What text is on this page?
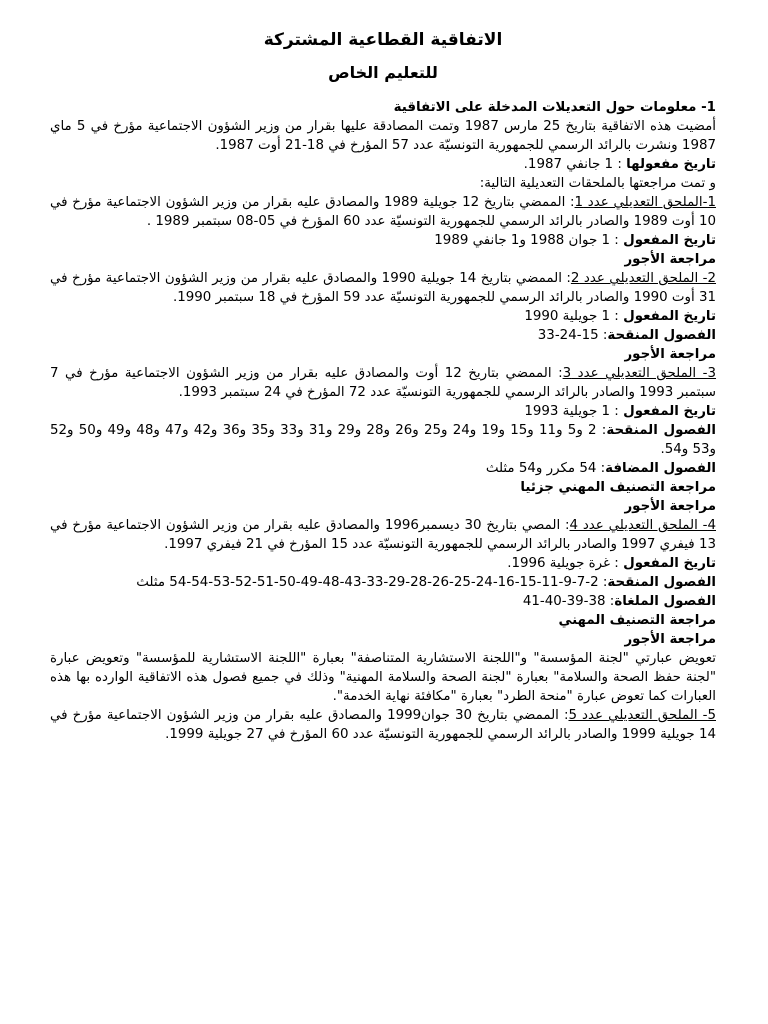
الاتفاقية القطاعية المشتركة
للتعليم الخاص

1- معلومات حول التعديلات المدخلة على الاتفاقية

أمضيت هذه الاتفاقية بتاريخ 25 مارس 1987 وتمت المصادقة عليها بقرار من وزير الشؤون الاجتماعية مؤرخ في 5 ماي 1987 ونشرت بالرائد الرسمي للجمهورية التونسيّة عدد 57 المؤرخ في 18-21 أوت 1987.

تاريخ مفعولها : 1 جانفي 1987.

و تمت مراجعتها بالملحقات التعديلية التالية:

1-الملحق التعديلي عدد 1: الممضي بتاريخ 12 جويلية 1989 والمصادق عليه بقرار من وزير الشؤون الاجتماعية مؤرخ في 10 أوت 1989 والصادر بالرائد الرسمي للجمهورية التونسيّة عدد 60 المؤرخ في 05-08 سبتمبر 1989 .

تاريخ المفعول : 1 جوان 1988 و1 جانفي 1989

مراجعة الأجور

2- الملحق التعديلي عدد 2: الممضي بتاريخ 14 جويلية 1990 والمصادق عليه بقرار من وزير الشؤون الاجتماعية مؤرخ في 31 أوت 1990 والصادر بالرائد الرسمي للجمهورية التونسيّة عدد 59 المؤرخ في 18 سبتمبر 1990.

تاريخ المفعول : 1 جويلية 1990

الفصول المنقحة: 15-24-33

مراجعة الأجور

3- الملحق التعديلي عدد 3: الممضي بتاريخ 12 أوت والمصادق عليه بقرار من وزير الشؤون الاجتماعية مؤرخ في 7 سبتمبر 1993 والصادر بالرائد الرسمي للجمهورية التونسيّة عدد 72 المؤرخ في 24 سبتمبر 1993.

تاريخ المفعول : 1 جويلية 1993

الفصول المنقحة: 2 و5 و11 و15 و19 و24 و25 و26 و28 و29 و31 و33 و35 و36 و42 و47 و48 و49 و50 و52 و53 و54.

الفصول المضافة: 54 مكرر و54 مثلث

مراجعة التصنيف المهني جزئيا

مراجعة الأجور

4- الملحق التعديلي عدد 4: المصي بتاريخ 30 ديسمبر1996 والمصادق عليه بقرار من وزير الشؤون الاجتماعية مؤرخ في 13 فيفري 1997 والصادر بالرائد الرسمي للجمهورية التونسيّة عدد 15 المؤرخ في 21 فيفري 1997.

تاريخ المفعول : غرة جويلية 1996.

الفصول المنقحة: 2-7-9-11-15-16-24-25-26-28-29-33-43-48-49-50-51-52-53-54-54 مثلث

الفصول الملغاة: 38-39-40-41

مراجعة التصنيف المهني

مراجعة الأجور

تعويض عبارتي "لجنة المؤسسة" و"اللجنة الاستشارية المتناصفة" بعبارة "اللجنة الاستشارية للمؤسسة" وتعويض عبارة "لجنة حفظ الصحة والسلامة" بعبارة "لجنة الصحة والسلامة المهنية" وذلك في جميع فصول هذه الاتفاقية الوارده بها هذه العبارات كما تعوض عبارة "منحة الطرد" بعبارة "مكافئة نهاية الخدمة".

5- الملحق التعديلي عدد 5: الممضي بتاريخ 30 جوان1999 والمصادق عليه بقرار من وزير الشؤون الاجتماعية مؤرخ في 14 جويلية 1999 والصادر بالرائد الرسمي للجمهورية التونسيّة عدد 60 المؤرخ في 27 جويلية 1999.
